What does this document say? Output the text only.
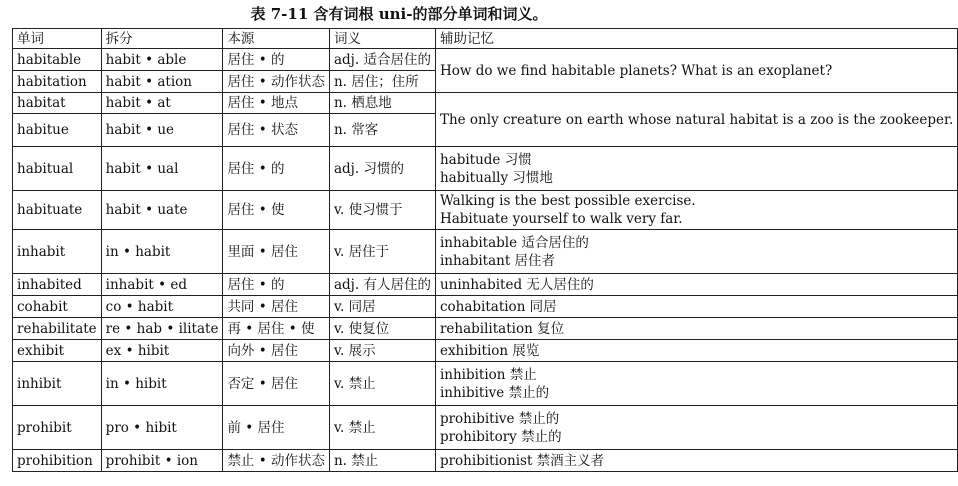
表 7-11 含有词根 uni-的部分单词和词义。
单词	拆分	本源	词义	辅助记忆
habitable	habit • able	居住 • 的	adj. 适合居住的	How do we find habitable planets? What is an exoplanet?
habitation	habit • ation	居住 • 动作状态	n. 居住；住所	
habitat	habit • at	居住 • 地点	n. 栖息地	The only creature on earth whose natural habitat is a zoo is the zookeeper.
habitue	habit • ue	居住 • 状态	n. 常客	
habitual	habit • ual	居住 • 的	adj. 习惯的	habitude 习惯
habitually 习惯地

habituate	habit • uate	居住 • 使	v. 使习惯于	Walking is the best possible exercise.
Habituate yourself to walk very far.

inhabit	in • habit	里面 • 居住	v. 居住于	inhabitable 适合居住的
inhabitant 居住者

inhabited	inhabit • ed	居住 • 的	adj. 有人居住的	uninhabited 无人居住的
cohabit	co • habit	共同 • 居住	v. 同居	cohabitation 同居
rehabilitate	re • hab • ilitate	再 • 居住 • 使	v. 使复位	rehabilitation 复位
exhibit	ex • hibit	向外 • 居住	v. 展示	exhibition 展览
inhibit	in • hibit	否定 • 居住	v. 禁止	inhibition 禁止
inhibitive 禁止的

prohibit	pro • hibit	前 • 居住	v. 禁止	prohibitive 禁止的
prohibitory 禁止的

prohibition	prohibit • ion	禁止 • 动作状态	n. 禁止	prohibitionist 禁酒主义者
